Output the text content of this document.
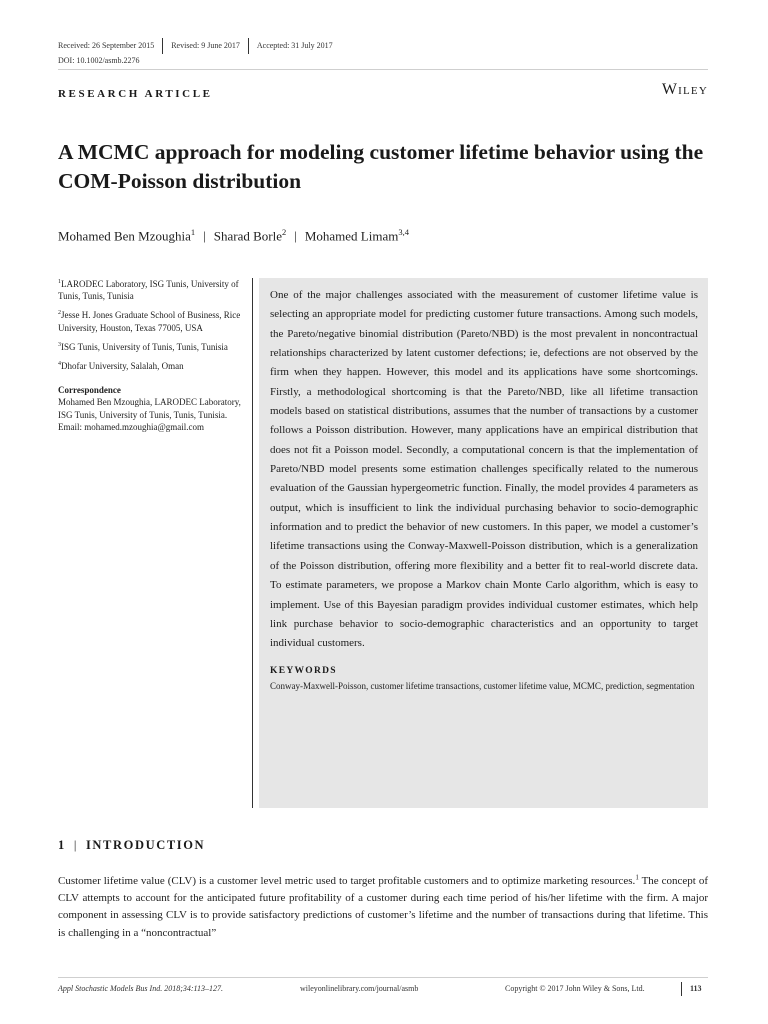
Received: 26 September 2015	Revised: 9 June 2017	Accepted: 31 July 2017
DOI: 10.1002/asmb.2276
RESEARCH ARTICLE	Wiley
A MCMC approach for modeling customer lifetime behavior using the COM-Poisson distribution
Mohamed Ben Mzoughia$^1$ | Sharad Borle$^2$ | Mohamed Limam$^{3,4}$
$^1$LARODEC Laboratory, ISG Tunis, University of Tunis, Tunis, Tunisia
$^2$Jesse H. Jones Graduate School of Business, Rice University, Houston, Texas 77005, USA
$^3$ISG Tunis, University of Tunis, Tunis, Tunisia
$^4$Dhofar University, Salalah, Oman
Correspondence
Mohamed Ben Mzoughia, LARODEC Laboratory, ISG Tunis, University of Tunis, Tunis, Tunisia.
Email: mohamed.mzoughia@gmail.com

One of the major challenges associated with the measurement of customer lifetime value is selecting an appropriate model for predicting customer future transactions. Among such models, the Pareto/negative binomial distribution (Pareto/NBD) is the most prevalent in noncontractual relationships characterized by latent customer defections; ie, defections are not observed by the firm when they happen. However, this model and its applications have some shortcomings. Firstly, a methodological shortcoming is that the Pareto/NBD, like all lifetime transaction models based on statistical distributions, assumes that the number of transactions by a customer follows a Poisson distribution. However, many applications have an empirical distribution that does not fit a Poisson model. Secondly, a computational concern is that the implementation of Pareto/NBD model presents some estimation challenges specifically related to the numerous evaluation of the Gaussian hypergeometric function. Finally, the model provides 4 parameters as output, which is insufficient to link the individual purchasing behavior to socio-demographic information and to predict the behavior of new customers. In this paper, we model a customer’s lifetime transactions using the Conway-Maxwell-Poisson distribution, which is a generalization of the Poisson distribution, offering more flexibility and a better fit to real-world discrete data. To estimate parameters, we propose a Markov chain Monte Carlo algorithm, which is easy to implement. Use of this Bayesian paradigm provides individual customer estimates, which help link purchase behavior to socio-demographic characteristics and an opportunity to target individual customers.

KEYWORDS
Conway-Maxwell-Poisson, customer lifetime transactions, customer lifetime value, MCMC, prediction, segmentation
1 | INTRODUCTION

Customer lifetime value (CLV) is a customer level metric used to target profitable customers and to optimize marketing resources.$^1$ The concept of CLV attempts to account for the anticipated future profitability of a customer during each time period of his/her lifetime with the firm. A major component in assessing CLV is to provide satisfactory predictions of customer’s lifetime and the number of transactions during that lifetime. This is challenging in a “noncontractual”

Appl Stochastic Models Bus Ind. 2018;34:113–127.	wileyonlinelibrary.com/journal/asmb	Copyright © 2017 John Wiley & Sons, Ltd.	113
